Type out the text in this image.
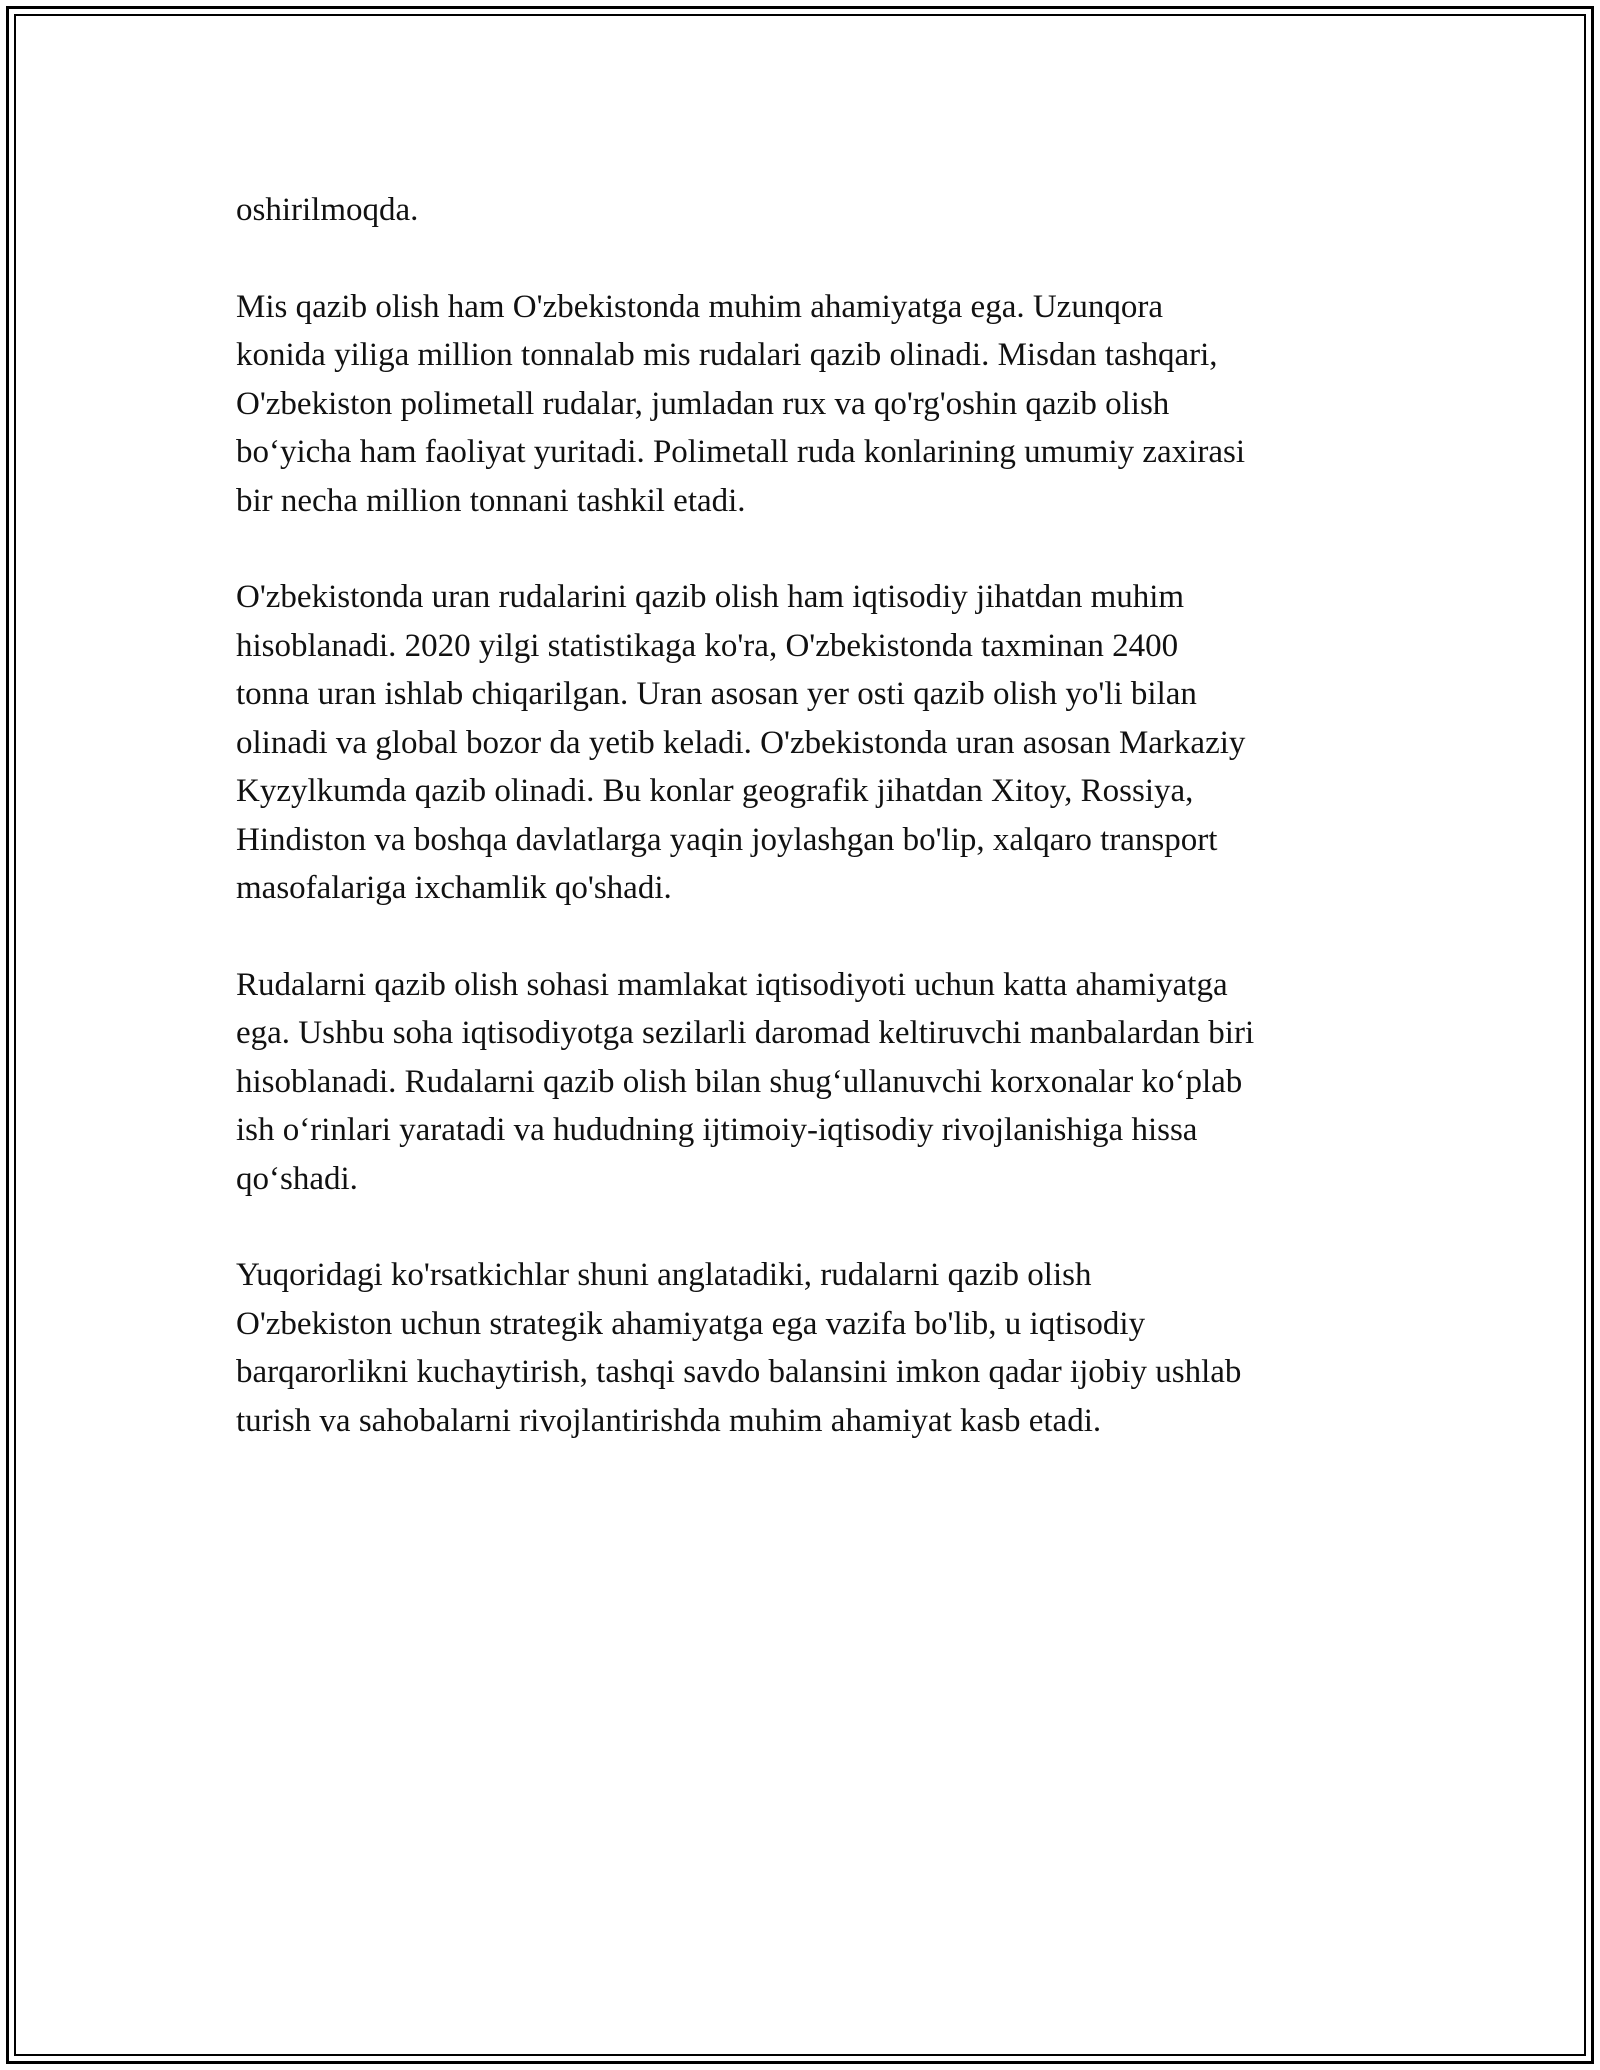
oshirilmoqda.

Mis qazib olish ham O'zbekistonda muhim ahamiyatga ega. Uzunqora
konida yiliga million tonnalab mis rudalari qazib olinadi. Misdan tashqari,
O'zbekiston polimetall rudalar, jumladan rux va qo'rg'oshin qazib olish
bo‘yicha ham faoliyat yuritadi. Polimetall ruda konlarining umumiy zaxirasi
bir necha million tonnani tashkil etadi.

O'zbekistonda uran rudalarini qazib olish ham iqtisodiy jihatdan muhim
hisoblanadi. 2020 yilgi statistikaga ko'ra, O'zbekistonda taxminan 2400
tonna uran ishlab chiqarilgan. Uran asosan yer osti qazib olish yo'li bilan
olinadi va global bozor da yetib keladi. O'zbekistonda uran asosan Markaziy
Kyzylkumda qazib olinadi. Bu konlar geografik jihatdan Xitoy, Rossiya,
Hindiston va boshqa davlatlarga yaqin joylashgan bo'lip, xalqaro transport
masofalariga ixchamlik qo'shadi.

Rudalarni qazib olish sohasi mamlakat iqtisodiyoti uchun katta ahamiyatga
ega. Ushbu soha iqtisodiyotga sezilarli daromad keltiruvchi manbalardan biri
hisoblanadi. Rudalarni qazib olish bilan shug‘ullanuvchi korxonalar ko‘plab
ish o‘rinlari yaratadi va hududning ijtimoiy-iqtisodiy rivojlanishiga hissa
qo‘shadi.

Yuqoridagi ko'rsatkichlar shuni anglatadiki, rudalarni qazib olish
O'zbekiston uchun strategik ahamiyatga ega vazifa bo'lib, u iqtisodiy
barqarorlikni kuchaytirish, tashqi savdo balansini imkon qadar ijobiy ushlab
turish va sahobalarni rivojlantirishda muhim ahamiyat kasb etadi.
